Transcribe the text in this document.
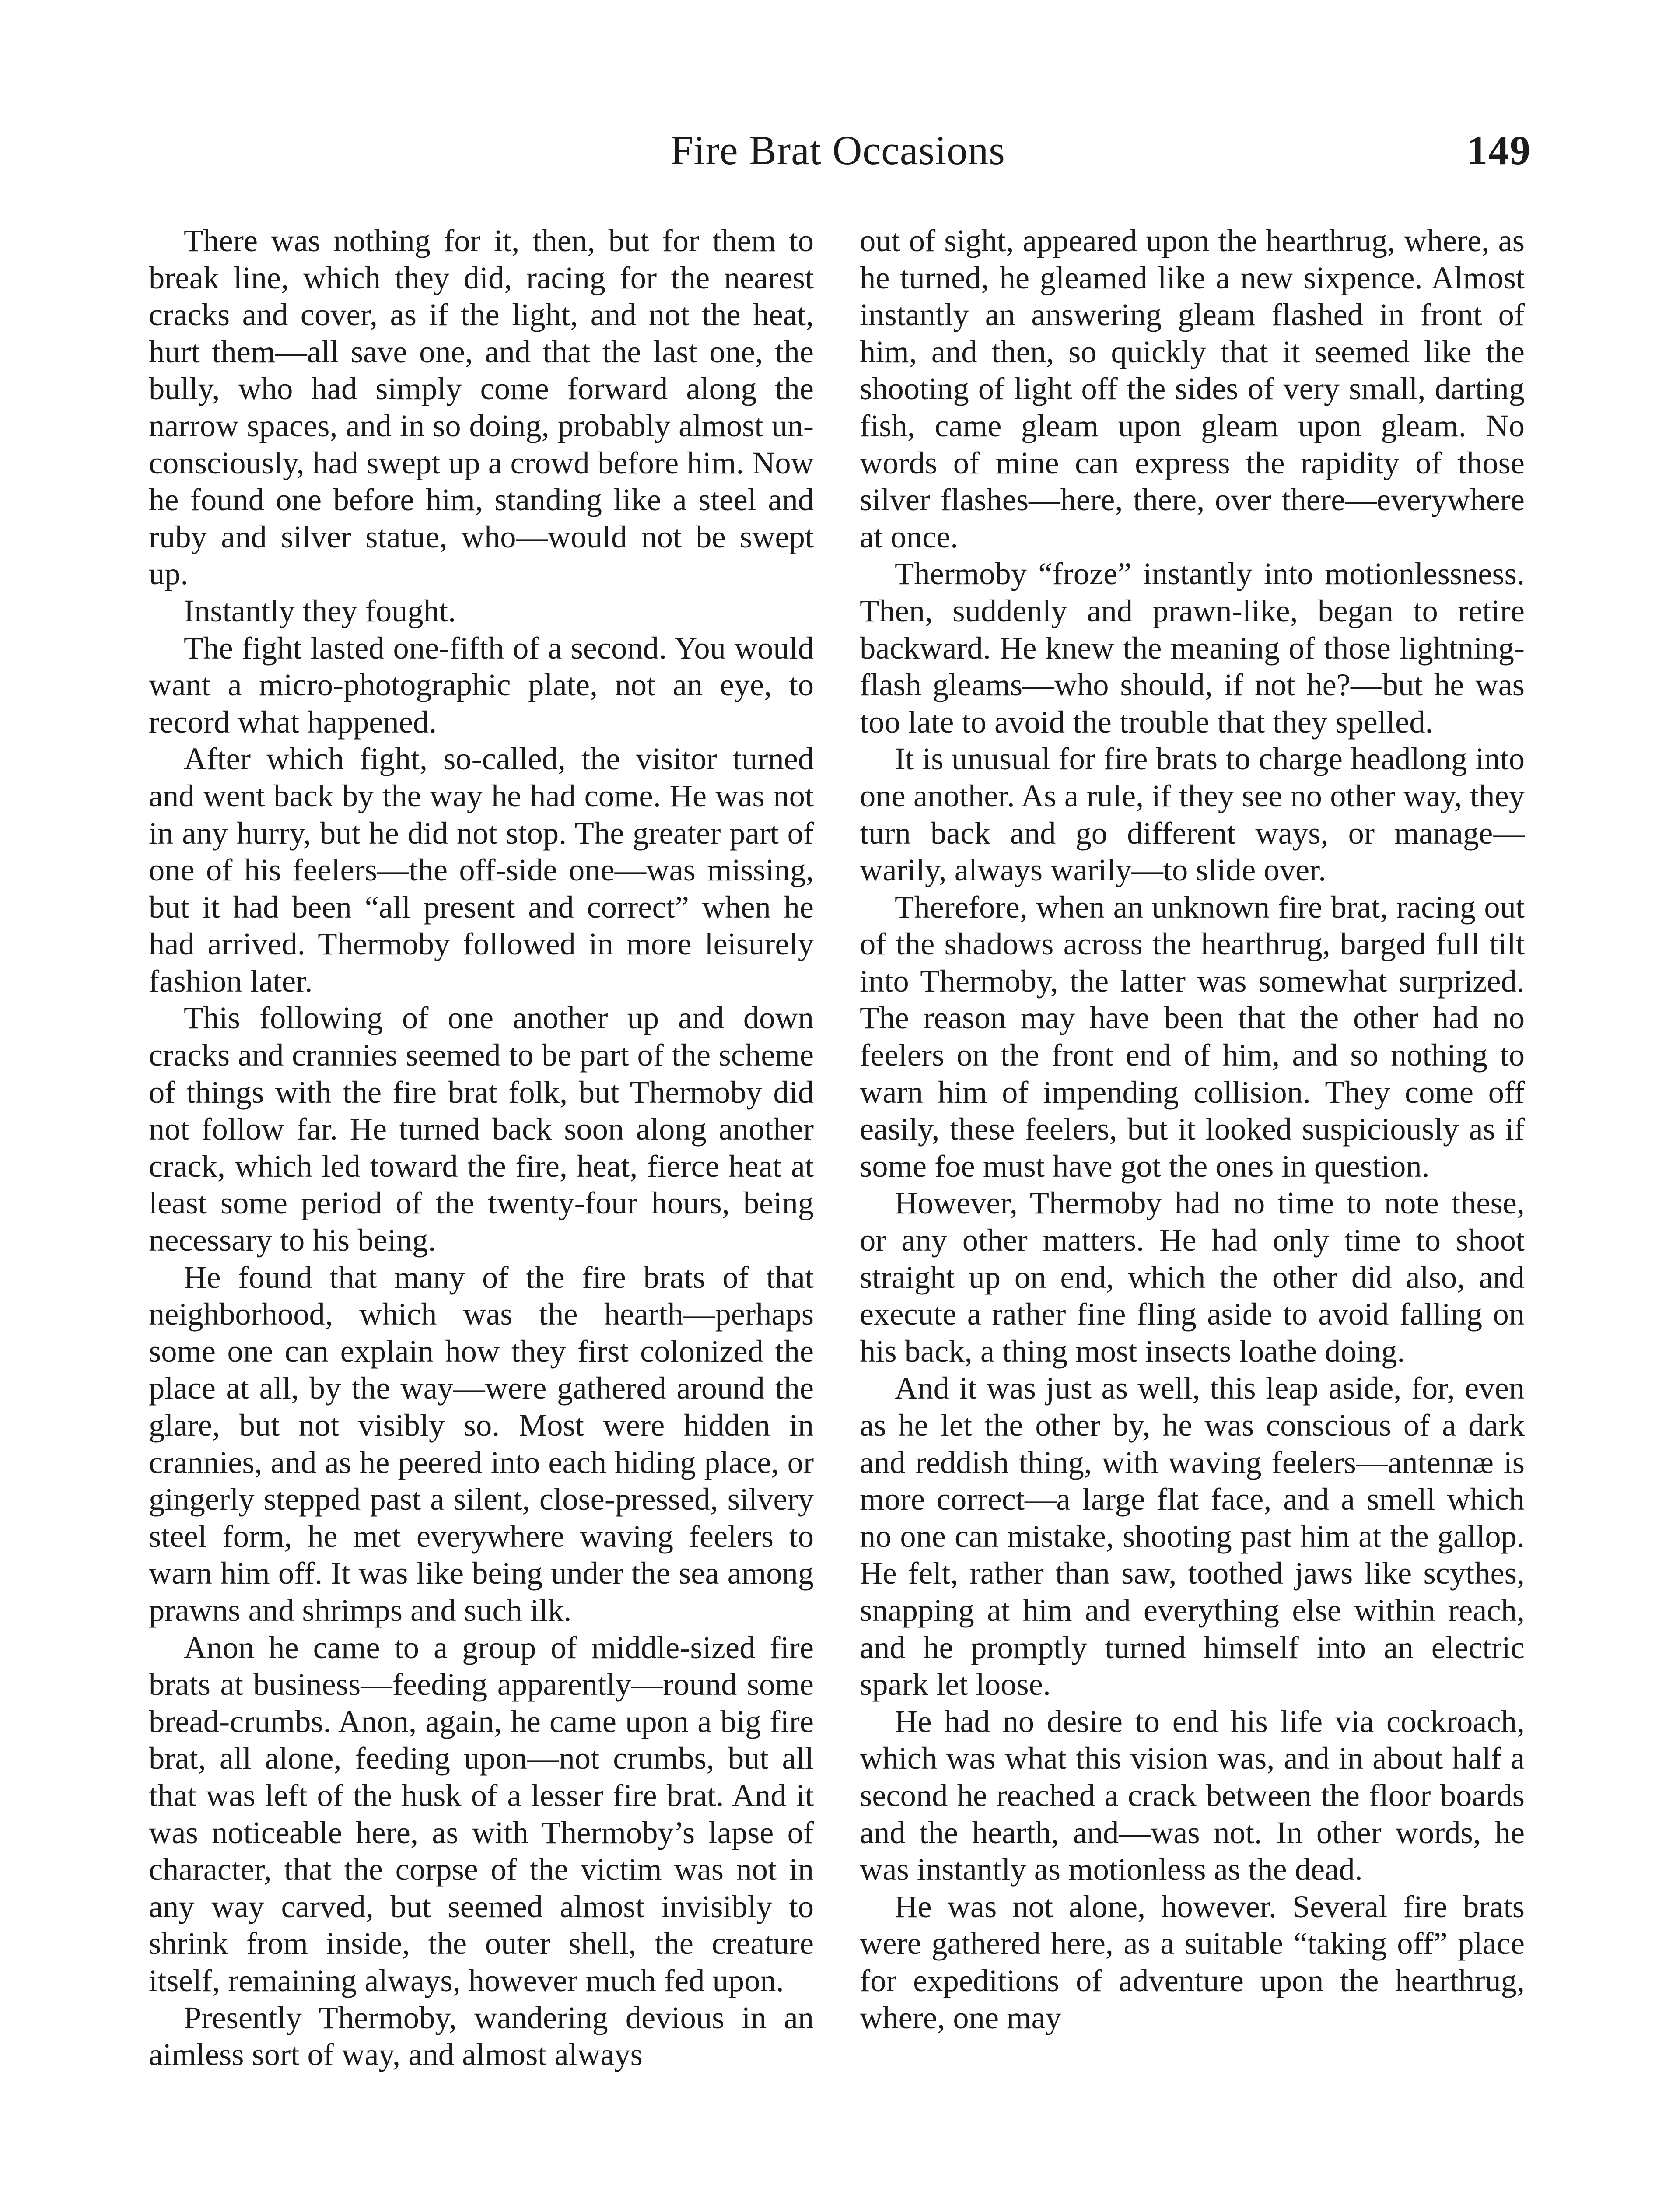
Fire Brat Occasions	149

There was nothing for it, then, but for them to break line, which they did, racing for the nearest cracks and cover, as if the light, and not the heat, hurt them—all save one, and that the last one, the bully, who had simply come forward along the narrow spaces, and in so doing, probably almost unconsciously, had swept up a crowd before him. Now he found one before him, standing like a steel and ruby and silver statue, who—would not be swept up.

Instantly they fought.

The fight lasted one-fifth of a second. You would want a micro-photographic plate, not an eye, to record what happened.

After which fight, so-called, the visitor turned and went back by the way he had come. He was not in any hurry, but he did not stop. The greater part of one of his feelers—the off-side one—was missing, but it had been “all present and correct” when he had arrived. Thermoby followed in more leisurely fashion later.

This following of one another up and down cracks and crannies seemed to be part of the scheme of things with the fire brat folk, but Thermoby did not follow far. He turned back soon along another crack, which led toward the fire, heat, fierce heat at least some period of the twenty-four hours, being necessary to his being.

He found that many of the fire brats of that neighborhood, which was the hearth—perhaps some one can explain how they first colonized the place at all, by the way—were gathered around the glare, but not visibly so. Most were hidden in crannies, and as he peered into each hiding place, or gingerly stepped past a silent, close-pressed, silvery steel form, he met everywhere waving feelers to warn him off. It was like being under the sea among prawns and shrimps and such ilk.

Anon he came to a group of middle-sized fire brats at business—feeding apparently—round some bread-crumbs. Anon, again, he came upon a big fire brat, all alone, feeding upon—not crumbs, but all that was left of the husk of a lesser fire brat. And it was noticeable here, as with Thermoby’s lapse of character, that the corpse of the victim was not in any way carved, but seemed almost invisibly to shrink from inside, the outer shell, the creature itself, remaining always, however much fed upon.

Presently Thermoby, wandering devious in an aimless sort of way, and almost always

out of sight, appeared upon the hearthrug, where, as he turned, he gleamed like a new sixpence. Almost instantly an answering gleam flashed in front of him, and then, so quickly that it seemed like the shooting of light off the sides of very small, darting fish, came gleam upon gleam upon gleam. No words of mine can express the rapidity of those silver flashes—here, there, over there—everywhere at once.

Thermoby “froze” instantly into motionlessness. Then, suddenly and prawn-like, began to retire backward. He knew the meaning of those lightning-flash gleams—who should, if not he?—but he was too late to avoid the trouble that they spelled.

It is unusual for fire brats to charge headlong into one another. As a rule, if they see no other way, they turn back and go different ways, or manage—warily, always warily—to slide over.

Therefore, when an unknown fire brat, racing out of the shadows across the hearthrug, barged full tilt into Thermoby, the latter was somewhat surprized. The reason may have been that the other had no feelers on the front end of him, and so nothing to warn him of impending collision. They come off easily, these feelers, but it looked suspiciously as if some foe must have got the ones in question.

However, Thermoby had no time to note these, or any other matters. He had only time to shoot straight up on end, which the other did also, and execute a rather fine fling aside to avoid falling on his back, a thing most insects loathe doing.

And it was just as well, this leap aside, for, even as he let the other by, he was conscious of a dark and reddish thing, with waving feelers—antennæ is more correct—a large flat face, and a smell which no one can mistake, shooting past him at the gallop. He felt, rather than saw, toothed jaws like scythes, snapping at him and everything else within reach, and he promptly turned himself into an electric spark let loose.

He had no desire to end his life via cockroach, which was what this vision was, and in about half a second he reached a crack between the floor boards and the hearth, and—was not. In other words, he was instantly as motionless as the dead.

He was not alone, however. Several fire brats were gathered here, as a suitable “taking off” place for expeditions of adventure upon the hearthrug, where, one may
